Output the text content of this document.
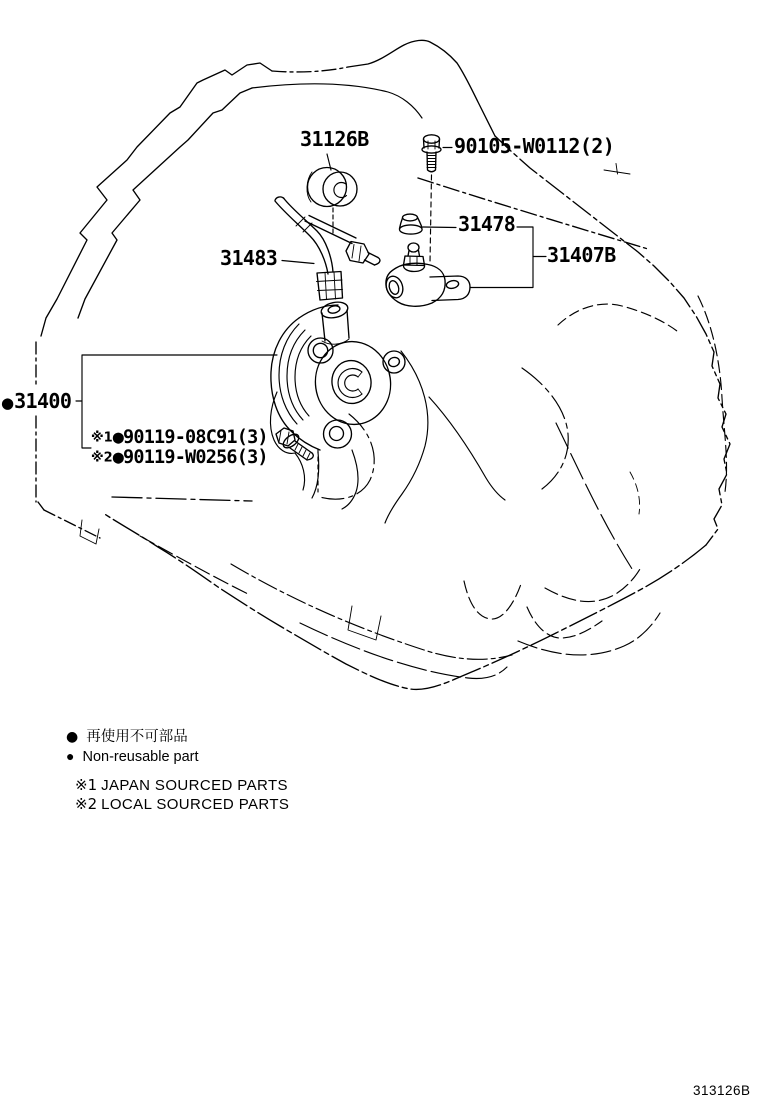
31126B	90105-W0112(2)
31478
31407B
31483
●31400
※1●90119-08C91(3)
※2●90119-W0256(3)
● 再使用不可部品
● Non-reusable part
※1 JAPAN SOURCED PARTS
※2 LOCAL SOURCED PARTS
313126B
